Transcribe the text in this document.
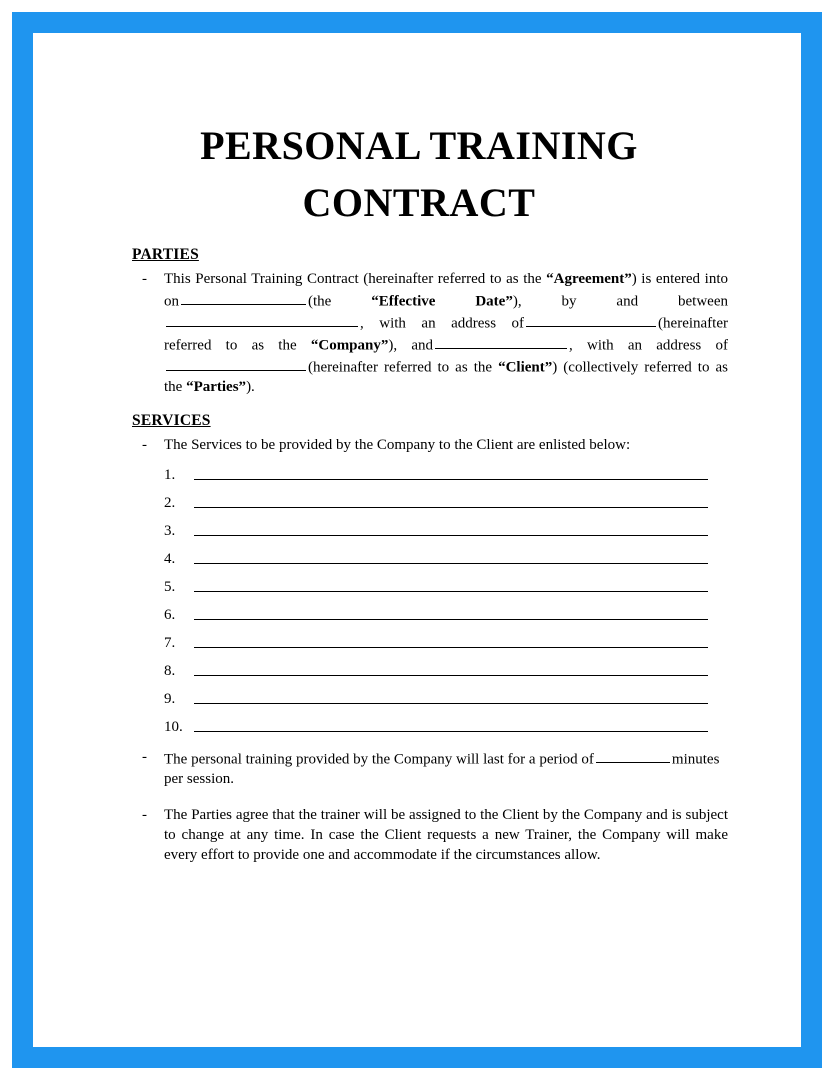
PERSONAL TRAINING CONTRACT
PARTIES
-	This Personal Training Contract (hereinafter referred to as the “Agreement”) is entered into on	(the “Effective Date”), by and between, with an address of	(hereinafter referred to as the “Company”), and	, with an address of(hereinafter referred to as the “Client”) (collectively referred to as the “Parties”).
SERVICES
-	The Services to be provided by the Company to the Client are enlisted below:
1.
2.
3.
4.
5.
6.
7.
8.
9.
10.
-	The personal training provided by the Company will last for a period of	minutes per session.
-	The Parties agree that the trainer will be assigned to the Client by the Company and is subject to change at any time. In case the Client requests a new Trainer, the Company will make every effort to provide one and accommodate if the circumstances allow.
